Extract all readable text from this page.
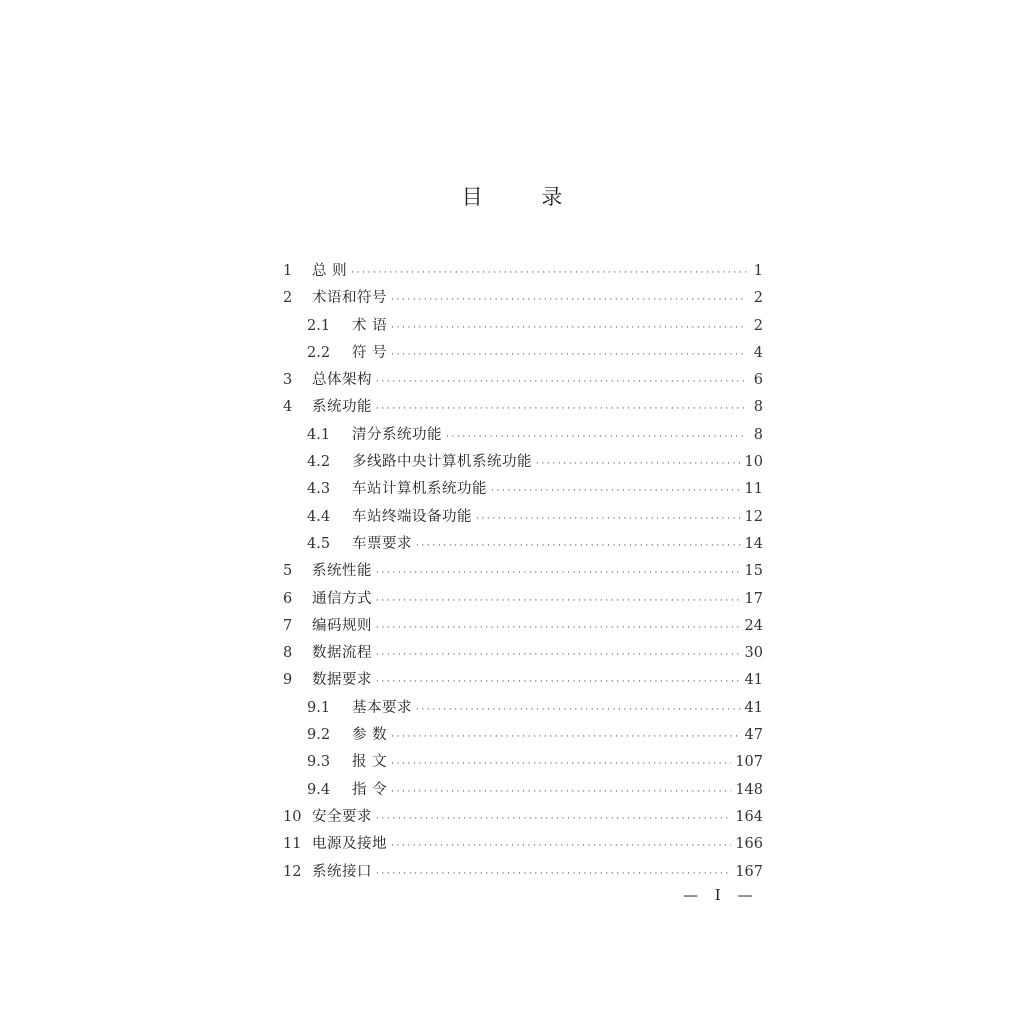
目 录
1	总 则 ·····	1
2	术语和符号 ·····	2
2.1	术 语 ·····	2
2.2	符 号 ·····	4
3	总体架构 ·····	6
4	系统功能 ·····	8
4.1	清分系统功能 ·····	8
4.2	多线路中央计算机系统功能 ·····	10
4.3	车站计算机系统功能 ·····	11
4.4	车站终端设备功能 ·····	12
4.5	车票要求 ·····	14
5	系统性能 ·····	15
6	通信方式 ·····	17
7	编码规则 ·····	24
8	数据流程 ·····	30
9	数据要求 ·····	41
9.1	基本要求 ·····	41
9.2	参 数 ·····	47
9.3	报 文 ·····	107
9.4	指 令 ·····	148
10 安全要求 ·····	164
11 电源及接地 ·····	166
12 系统接口 ·····	167
— I —
